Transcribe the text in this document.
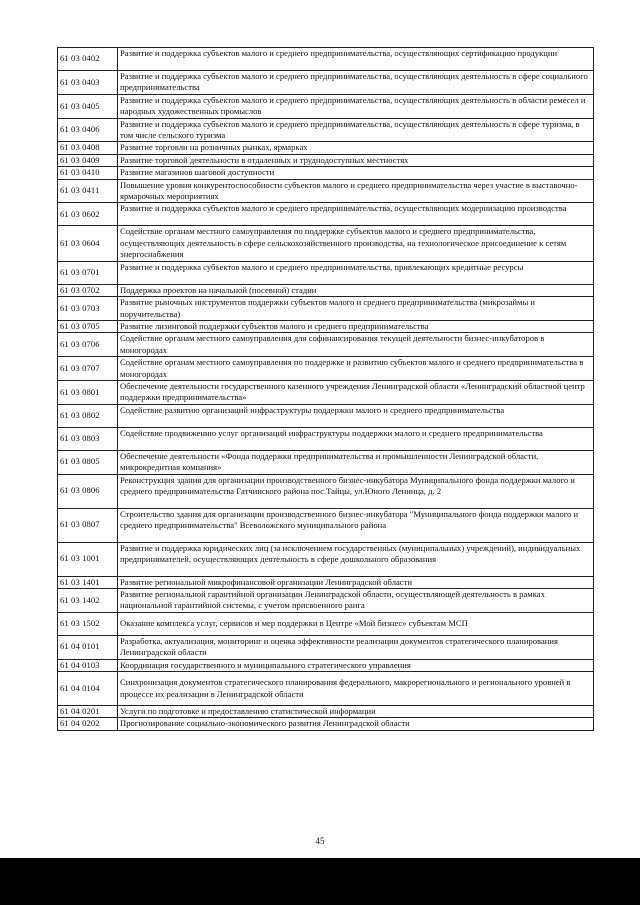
61 03 0402	Развитие и поддержка субъектов малого и среднего предпринимательства, осуществляющих сертификацию продукции
61 03 0403	Развитие и поддержка субъектов малого и среднего предпринимательства, осуществляющих деятельность в сфере социального предпринимательства
61 03 0405	Развитие и поддержка субъектов малого и среднего предпринимательства, осуществляющих деятельность в области ремесел и народных художественных промыслов
61 03 0406	Развитие и поддержка субъектов малого и среднего предпринимательства, осуществляющих деятельность в сфере туризма, в том числе сельского туризма
61 03 0408	Развитие торговли на розничных рынках, ярмарках
61 03 0409	Развитие торговой деятельности в отдаленных и труднодоступных местностях
61 03 0410	Развитие магазинов шаговой доступности
61 03 0411	Повышение уровня конкурентоспособности субъектов малого и среднего предпринимательства через участие в выставочно-ярмарочных мероприятиях
61 03 0602	Развитие и поддержка субъектов малого и среднего предпринимательства, осуществляющих модернизацию производства
61 03 0604	Содействие органам местного самоуправления по поддержке субъектов малого и среднего предпринимательства, осуществляющих деятельность в сфере сельскохозяйственного производства, на технологическое присоединение к сетям энергоснабжения
61 03 0701	Развитие и поддержка субъектов малого и среднего предпринимательства, привлекающих кредитные ресурсы
61 03 0702	Поддержка проектов на начальной (посевной) стадии
61 03 0703	Развитие рыночных инструментов поддержки субъектов малого и среднего предпринимательства (микрозаймы и поручительства)
61 03 0705	Развитие лизинговой поддержки субъектов малого и среднего предпринимательства
61 03 0706	Содействие органам местного самоуправления для софинансирования текущей деятельности бизнес-инкубаторов в моногородах
61 03 0707	Содействие органам местного самоуправления по поддержке и развитию субъектов малого и среднего предпринимательства в моногородах
61 03 0801	Обеспечение деятельности государственного казенного учреждения Ленинградской области «Ленинградский областной центр поддержки предпринимательства»
61 03 0802	Содействие развитию организаций инфраструктуры поддержки малого и среднего предпринимательства
61 03 0803	Содействие продвижению услуг организаций инфраструктуры поддержки малого и среднего предпринимательства
61 03 0805	Обеспечение деятельности «Фонда поддержки предпринимательства и промышленности Ленинградской области, микрокредитная компания»
61 03 0806	Реконструкция здания для организации производственного бизнес-инкубатора Муниципального фонда поддержки малого и среднего предпринимательства Гатчинского района пос.Тайцы, ул.Юного Ленинца, д. 2
61 03 0807	Строительство здания для организации производственного бизнес-инкубатора "Муниципального фонда поддержки малого и среднего предпринимательства" Всеволожского муниципального района
61 03 1001	Развитие и поддержка юридических лиц (за исключением государственных (муниципальных) учреждений), индивидуальных предпринимателей, осуществляющих деятельность в сфере дошкольного образования
61 03 1401	Развитие региональной микрофинансовой организации Ленинградской области
61 03 1402	Развитие региональной гарантийной организации Ленинградской области, осуществляющей деятельность в рамках национальной гарантийной системы, с учетом присвоенного ранга
61 03 1502	Оказание комплекса услуг, сервисов и мер поддержки в Центре «Мой бизнес» субъектам МСП
61 04 0101	Разработка, актуализация, мониторинг и оценка эффективности реализации документов стратегического планирования Ленинградской области
61 04 0103	Координация государственного и муниципального стратегического управления
61 04 0104	Синхронизация документов стратегического планирования федерального, макрорегионального и регионального уровней в процессе их реализации в Ленинградской области
61 04 0201	Услуги по подготовке и предоставлению статистической информации
61 04 0202	Прогнозирование социально-экономического развития Ленинградской области
45
